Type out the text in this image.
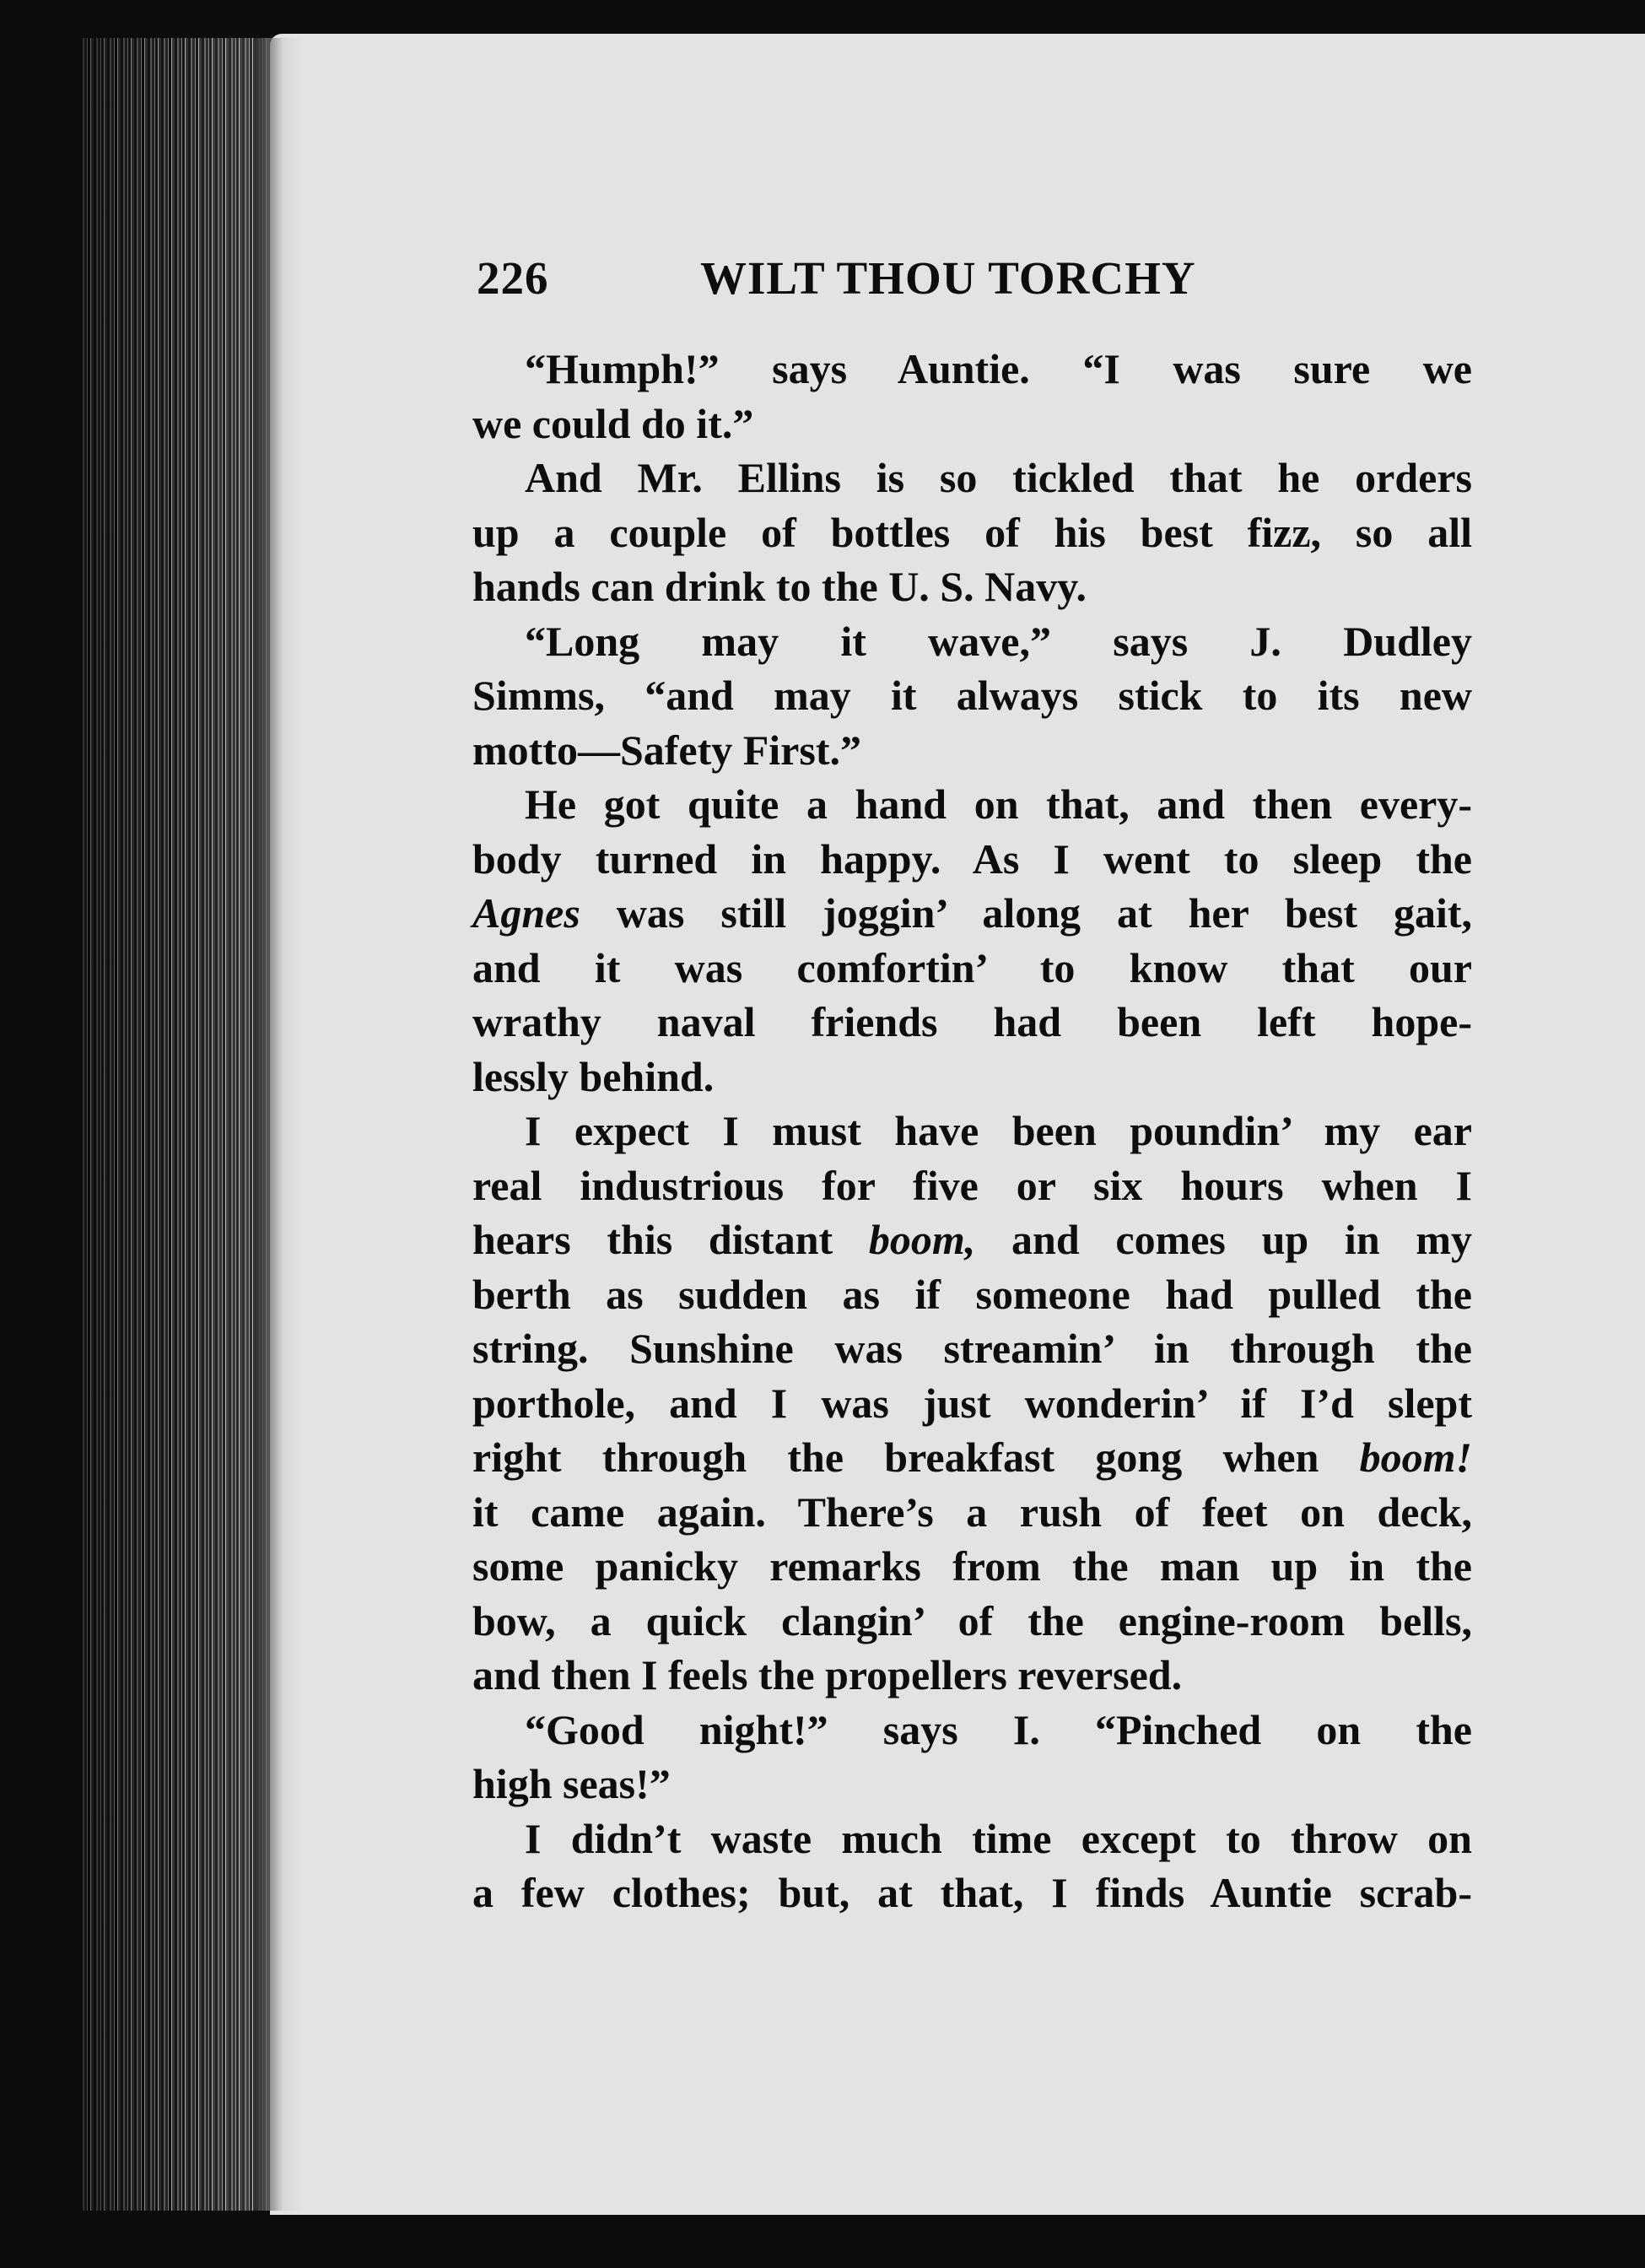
226	WILT THOU TORCHY

“Humph!” says Auntie. “I was sure we
we could do it.”

And Mr. Ellins is so tickled that he orders
up a couple of bottles of his best fizz, so all
hands can drink to the U. S. Navy.

“Long may it wave,” says J. Dudley
Simms, “and may it always stick to its new
motto—Safety First.”

He got quite a hand on that, and then every-
body turned in happy. As I went to sleep the
Agnes was still joggin’ along at her best gait,
and it was comfortin’ to know that our
wrathy naval friends had been left hope-
lessly behind.

I expect I must have been poundin’ my ear
real industrious for five or six hours when I
hears this distant boom, and comes up in my
berth as sudden as if someone had pulled the
string. Sunshine was streamin’ in through the
porthole, and I was just wonderin’ if I’d slept
right through the breakfast gong when boom!
it came again. There’s a rush of feet on deck,
some panicky remarks from the man up in the
bow, a quick clangin’ of the engine-room bells,
and then I feels the propellers reversed.

“Good night!” says I. “Pinched on the
high seas!”

I didn’t waste much time except to throw on
a few clothes; but, at that, I finds Auntie scrab-
